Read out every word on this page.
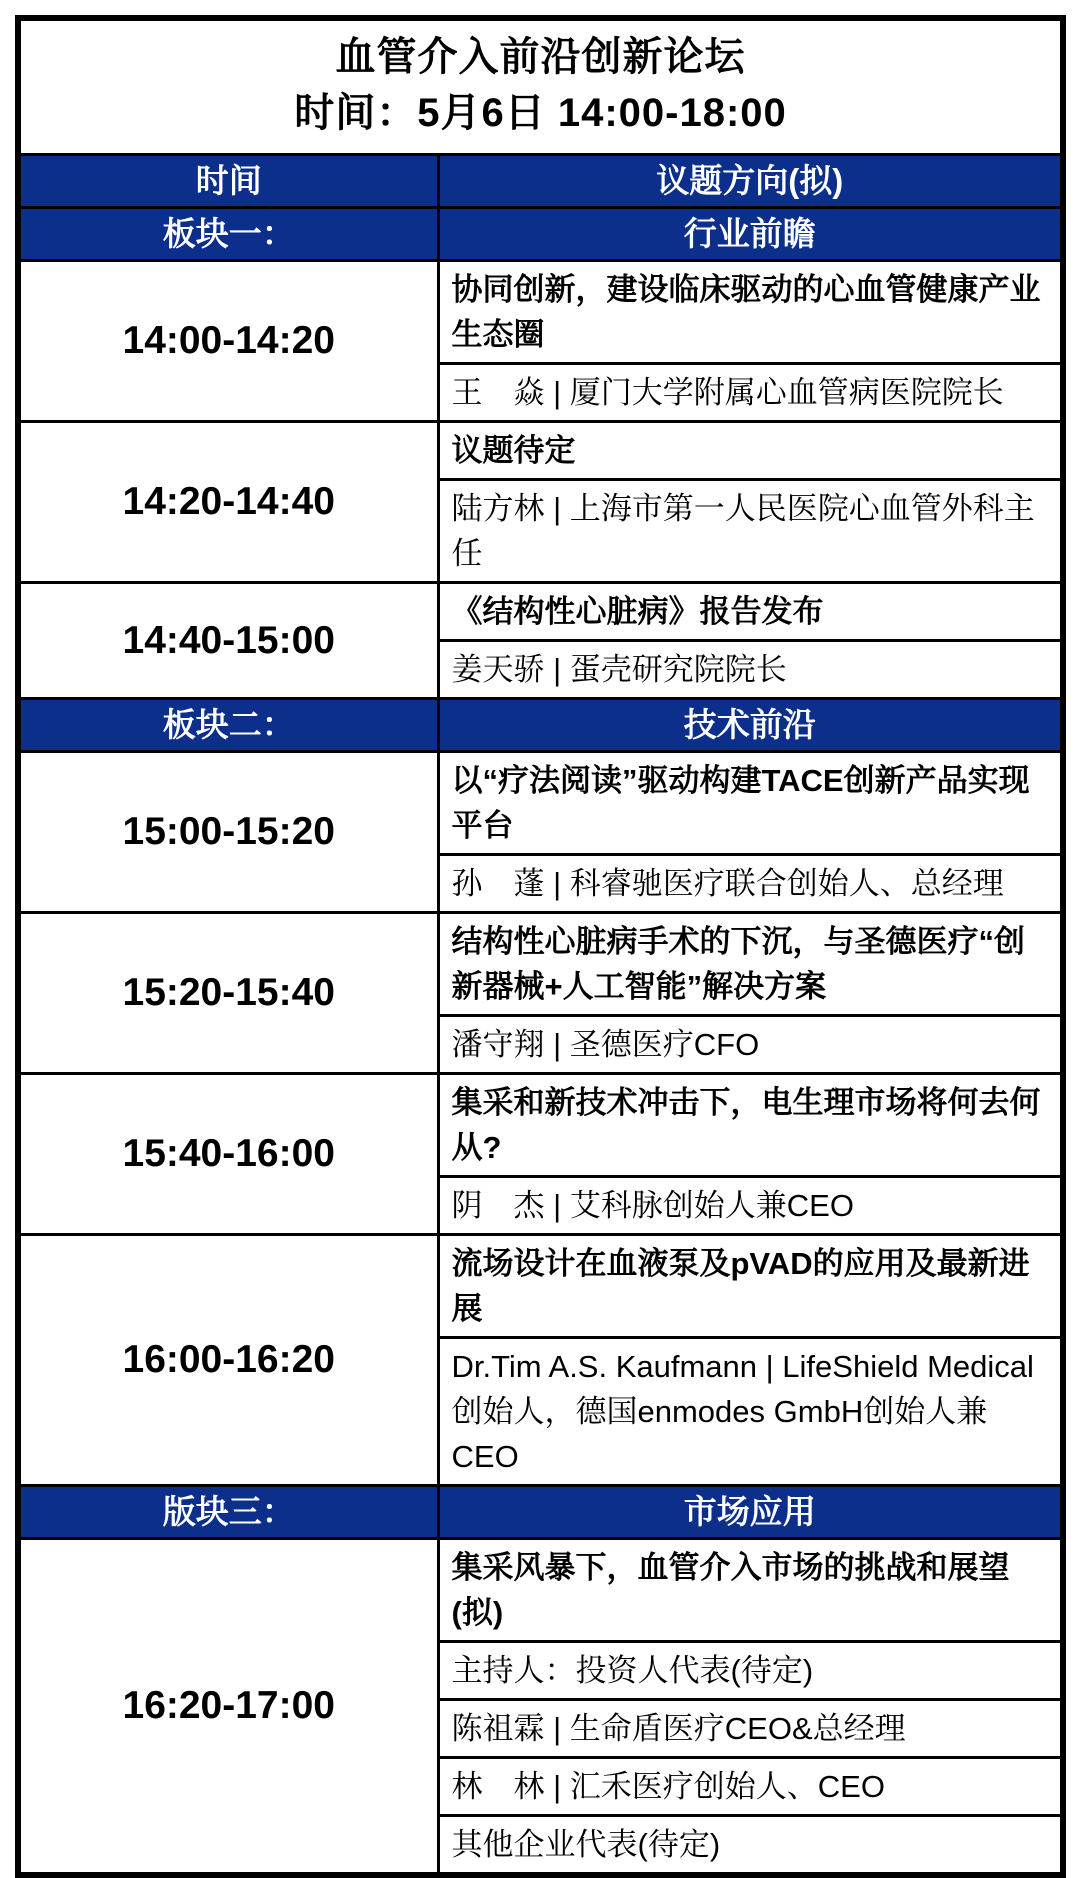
血管介入前沿创新论坛
时间：5月6日 14:00-18:00	

时间	议题方向(拟)
板块一：	行业前瞻
14:00-14:20	协同创新，建设临床驱动的心血管健康产业生态圈
	王　焱 | 厦门大学附属心血管病医院院长
14:20-14:40	议题待定
	陆方林 | 上海市第一人民医院心血管外科主任
14:40-15:00	《结构性心脏病》报告发布
	姜天骄 | 蛋壳研究院院长
板块二：	技术前沿
15:00-15:20	以“疗法阅读”驱动构建TACE创新产品实现平台
	孙　蓬 | 科睿驰医疗联合创始人、总经理
15:20-15:40	结构性心脏病手术的下沉，与圣德医疗“创新器械+人工智能”解决方案
	潘守翔 | 圣德医疗CFO
15:40-16:00	集采和新技术冲击下，电生理市场将何去何从?
	阴　杰 | 艾科脉创始人兼CEO
16:00-16:20	流场设计在血液泵及pVAD的应用及最新进展
	Dr.Tim A.S. Kaufmann | LifeShield Medical 创始人，德国enmodes GmbH创始人兼CEO
版块三：	市场应用
16:20-17:00	集采风暴下，血管介入市场的挑战和展望(拟)
	主持人：投资人代表(待定)
	陈祖霖 | 生命盾医疗CEO&总经理
	林　林 | 汇禾医疗创始人、CEO
	其他企业代表(待定)
